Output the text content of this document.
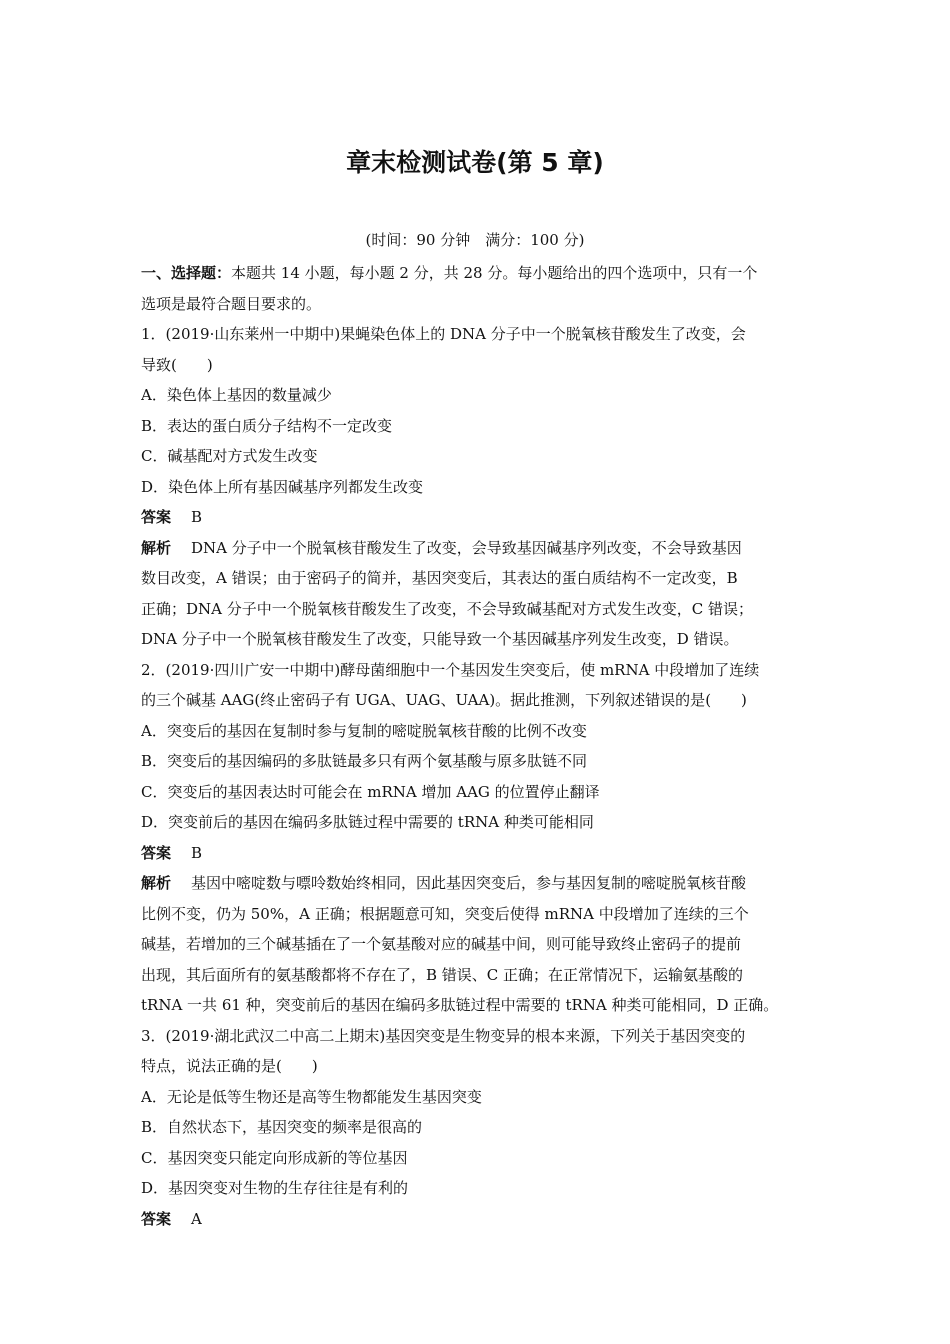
章末检测试卷(第 5 章)
(时间：90 分钟　满分：100 分)
一、选择题：本题共 14 小题，每小题 2 分，共 28 分。每小题给出的四个选项中，只有一个
选项是最符合题目要求的。
1．(2019·山东莱州一中期中)果蝇染色体上的 DNA 分子中一个脱氧核苷酸发生了改变，会
导致(　　)
A．染色体上基因的数量减少
B．表达的蛋白质分子结构不一定改变
C．碱基配对方式发生改变
D．染色体上所有基因碱基序列都发生改变
答案 B
解析 DNA 分子中一个脱氧核苷酸发生了改变，会导致基因碱基序列改变，不会导致基因
数目改变，A 错误；由于密码子的简并，基因突变后，其表达的蛋白质结构不一定改变，B
正确；DNA 分子中一个脱氧核苷酸发生了改变，不会导致碱基配对方式发生改变，C 错误；
DNA 分子中一个脱氧核苷酸发生了改变，只能导致一个基因碱基序列发生改变，D 错误。
2．(2019·四川广安一中期中)酵母菌细胞中一个基因发生突变后，使 mRNA 中段增加了连续
的三个碱基 AAG(终止密码子有 UGA、UAG、UAA)。据此推测，下列叙述错误的是(　　)
A．突变后的基因在复制时参与复制的嘧啶脱氧核苷酸的比例不改变
B．突变后的基因编码的多肽链最多只有两个氨基酸与原多肽链不同
C．突变后的基因表达时可能会在 mRNA 增加 AAG 的位置停止翻译
D．突变前后的基因在编码多肽链过程中需要的 tRNA 种类可能相同
答案 B
解析 基因中嘧啶数与嘌呤数始终相同，因此基因突变后，参与基因复制的嘧啶脱氧核苷酸
比例不变，仍为 50%，A 正确；根据题意可知，突变后使得 mRNA 中段增加了连续的三个
碱基，若增加的三个碱基插在了一个氨基酸对应的碱基中间，则可能导致终止密码子的提前
出现，其后面所有的氨基酸都将不存在了，B 错误、C 正确；在正常情况下，运输氨基酸的
tRNA 一共 61 种，突变前后的基因在编码多肽链过程中需要的 tRNA 种类可能相同，D 正确。
3．(2019·湖北武汉二中高二上期末)基因突变是生物变异的根本来源，下列关于基因突变的
特点，说法正确的是(　　)
A．无论是低等生物还是高等生物都能发生基因突变
B．自然状态下，基因突变的频率是很高的
C．基因突变只能定向形成新的等位基因
D．基因突变对生物的生存往往是有利的
答案 A
